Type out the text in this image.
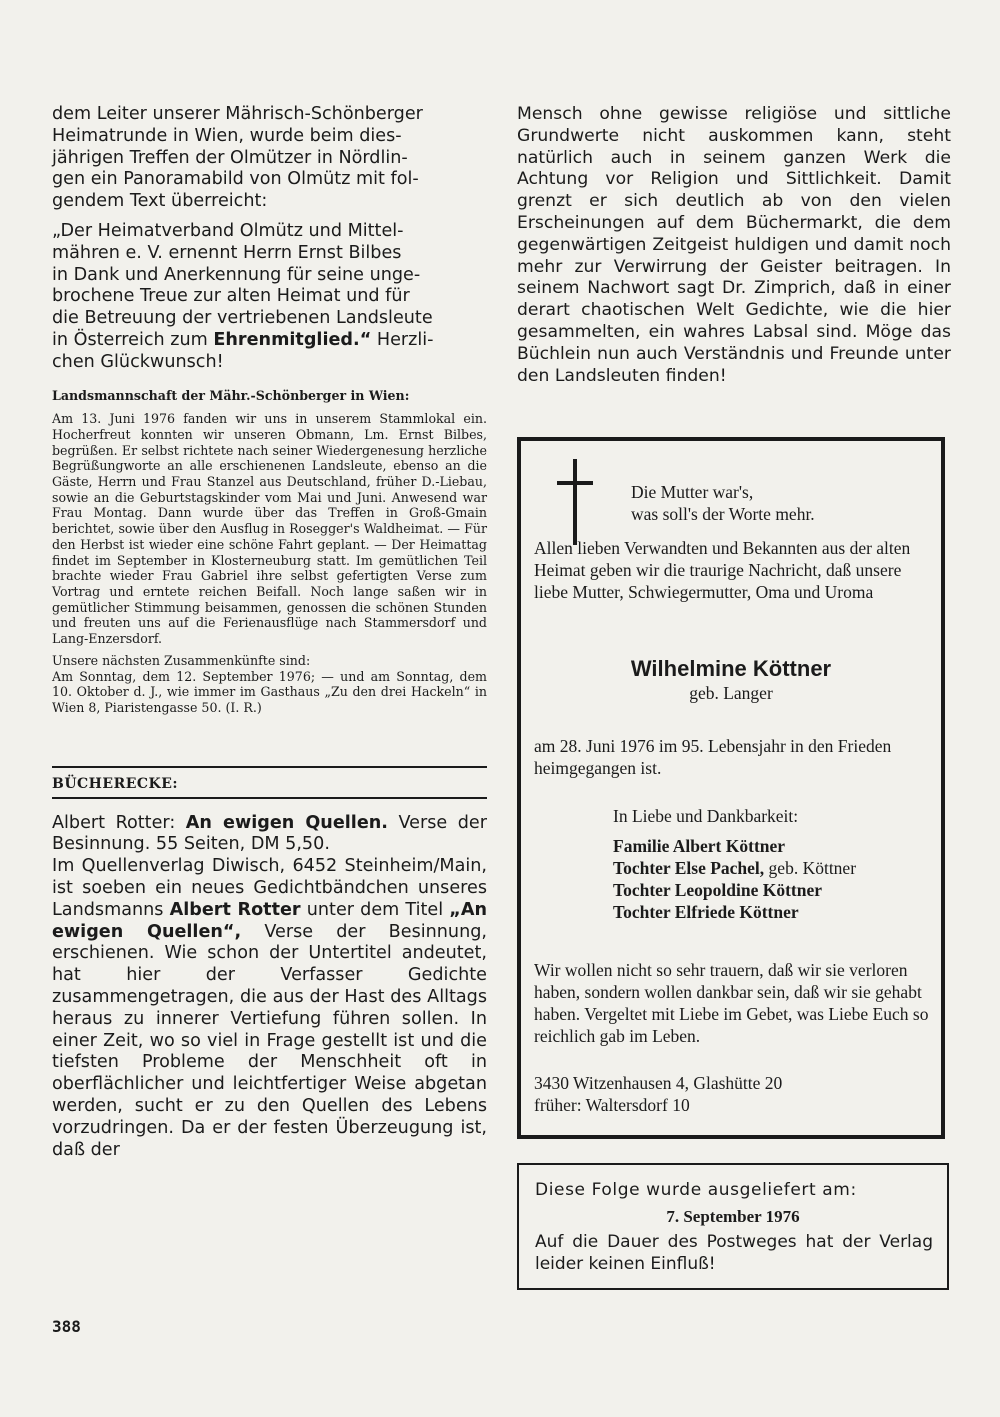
dem Leiter unserer Mährisch-Schönberger
Heimatrunde in Wien, wurde beim dies-
jährigen Treffen der Olmützer in Nördlin-
gen ein Panoramabild von Olmütz mit fol-
gendem Text überreicht:

„Der Heimatverband Olmütz und Mittel-
mähren e. V. ernennt Herrn Ernst Bilbes
in Dank und Anerkennung für seine unge-
brochene Treue zur alten Heimat und für
die Betreuung der vertriebenen Landsleute
in Österreich zum Ehrenmitglied.“ Herzli-
chen Glückwunsch!

Landsmannschaft der Mähr.-Schönberger in Wien:

Am 13. Juni 1976 fanden wir uns in unserem Stammlokal ein. Hocherfreut konnten wir unseren Obmann, Lm. Ernst Bilbes, begrüßen. Er selbst richtete nach seiner Wiedergenesung herzliche Begrüßungworte an alle erschienenen Landsleute, ebenso an die Gäste, Herrn und Frau Stanzel aus Deutschland, früher D.-Liebau, sowie an die Geburtstagskinder vom Mai und Juni. Anwesend war Frau Montag. Dann wurde über das Treffen in Groß-Gmain berichtet, sowie über den Ausflug in Rosegger's Waldheimat. — Für den Herbst ist wieder eine schöne Fahrt geplant. — Der Heimattag findet im September in Klosterneuburg statt. Im gemütlichen Teil brachte wieder Frau Gabriel ihre selbst gefertigten Verse zum Vortrag und erntete reichen Beifall. Noch lange saßen wir in gemütlicher Stimmung beisammen, genossen die schönen Stunden und freuten uns auf die Ferienausflüge nach Stammersdorf und Lang-Enzersdorf.

Unsere nächsten Zusammenkünfte sind:

Am Sonntag, dem 12. September 1976; — und am Sonntag, dem 10. Oktober d. J., wie immer im Gasthaus „Zu den drei Hackeln“ in Wien 8, Piaristengasse 50. (I. R.)

BÜCHERECKE:

Albert Rotter: An ewigen Quellen. Verse der Besinnung. 55 Seiten, DM 5,50.
Im Quellenverlag Diwisch, 6452 Steinheim/Main, ist soeben ein neues Gedichtbändchen unseres Landsmanns Albert Rotter unter dem Titel „An ewigen Quellen“, Verse der Besinnung, erschienen. Wie schon der Untertitel andeutet, hat hier der Verfasser Gedichte zusammengetragen, die aus der Hast des Alltags heraus zu innerer Vertiefung führen sollen. In einer Zeit, wo so viel in Frage gestellt ist und die tiefsten Probleme der Menschheit oft in oberflächlicher und leichtfertiger Weise abgetan werden, sucht er zu den Quellen des Lebens vorzudringen. Da er der festen Überzeugung ist, daß der

Mensch ohne gewisse religiöse und sittliche Grundwerte nicht auskommen kann, steht natürlich auch in seinem ganzen Werk die Achtung vor Religion und Sittlichkeit. Damit grenzt er sich deutlich ab von den vielen Erscheinungen auf dem Büchermarkt, die dem gegenwärtigen Zeitgeist huldigen und damit noch mehr zur Verwirrung der Geister beitragen. In seinem Nachwort sagt Dr. Zimprich, daß in einer derart chaotischen Welt Gedichte, wie die hier gesammelten, ein wahres Labsal sind. Möge das Büchlein nun auch Verständnis und Freunde unter den Landsleuten finden!

Die Mutter war's,
was soll's der Worte mehr.
Allen lieben Verwandten und Bekannten aus der alten Heimat geben wir die traurige Nachricht, daß unsere liebe Mutter, Schwiegermutter, Oma und Uroma
Wilhelmine Köttner
geb. Langer
am 28. Juni 1976 im 95. Lebensjahr in den Frieden heimgegangen ist.
In Liebe und Dankbarkeit:
Familie Albert Köttner
Tochter Else Pachel, geb. Köttner
Tochter Leopoldine Köttner
Tochter Elfriede Köttner
Wir wollen nicht so sehr trauern, daß wir sie verloren haben, sondern wollen dankbar sein, daß wir sie gehabt haben. Vergeltet mit Liebe im Gebet, was Liebe Euch so reichlich gab im Leben.
3430 Witzenhausen 4, Glashütte 20
früher: Waltersdorf 10
Diese Folge wurde ausgeliefert am:
7. September 1976
Auf die Dauer des Postweges hat der Verlag leider keinen Einfluß!
388
